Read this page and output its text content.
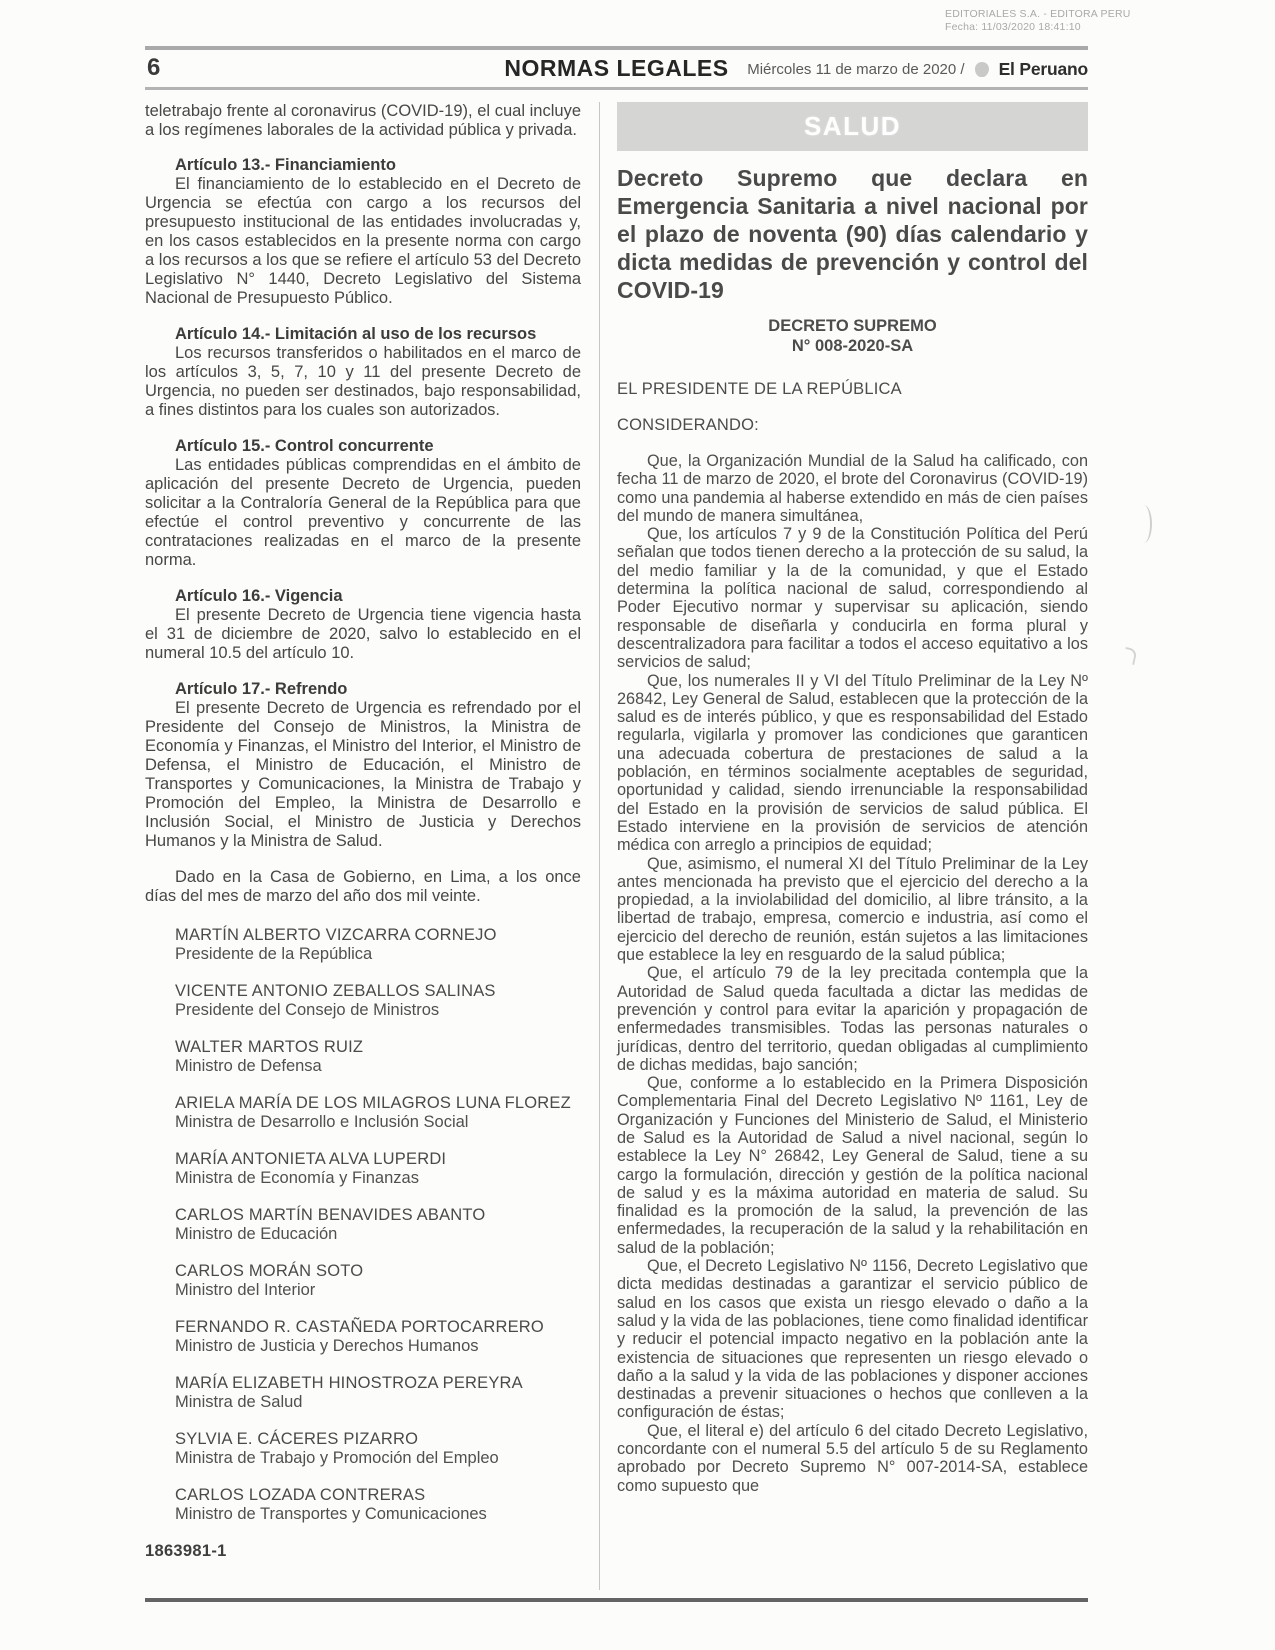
EDITORIALES S.A. - EDITORA PERU
Fecha: 11/03/2020 18:41:10
6	NORMAS LEGALES	Miércoles 11 de marzo de 2020 / El Peruano

teletrabajo frente al coronavirus (COVID-19), el cual incluye a los regímenes laborales de la actividad pública y privada.

Artículo 13.- Financiamiento

El financiamiento de lo establecido en el Decreto de Urgencia se efectúa con cargo a los recursos del presupuesto institucional de las entidades involucradas y, en los casos establecidos en la presente norma con cargo a los recursos a los que se refiere el artículo 53 del Decreto Legislativo N° 1440, Decreto Legislativo del Sistema Nacional de Presupuesto Público.

Artículo 14.- Limitación al uso de los recursos

Los recursos transferidos o habilitados en el marco de los artículos 3, 5, 7, 10 y 11 del presente Decreto de Urgencia, no pueden ser destinados, bajo responsabilidad, a fines distintos para los cuales son autorizados.

Artículo 15.- Control concurrente

Las entidades públicas comprendidas en el ámbito de aplicación del presente Decreto de Urgencia, pueden solicitar a la Contraloría General de la República para que efectúe el control preventivo y concurrente de las contrataciones realizadas en el marco de la presente norma.

Artículo 16.- Vigencia

El presente Decreto de Urgencia tiene vigencia hasta el 31 de diciembre de 2020, salvo lo establecido en el numeral 10.5 del artículo 10.

Artículo 17.- Refrendo

El presente Decreto de Urgencia es refrendado por el Presidente del Consejo de Ministros, la Ministra de Economía y Finanzas, el Ministro del Interior, el Ministro de Defensa, el Ministro de Educación, el Ministro de Transportes y Comunicaciones, la Ministra de Trabajo y Promoción del Empleo, la Ministra de Desarrollo e Inclusión Social, el Ministro de Justicia y Derechos Humanos y la Ministra de Salud.

Dado en la Casa de Gobierno, en Lima, a los once días del mes de marzo del año dos mil veinte.

MARTÍN ALBERTO VIZCARRA CORNEJO
Presidente de la República
VICENTE ANTONIO ZEBALLOS SALINAS
Presidente del Consejo de Ministros
WALTER MARTOS RUIZ
Ministro de Defensa
ARIELA MARÍA DE LOS MILAGROS LUNA FLOREZ
Ministra de Desarrollo e Inclusión Social
MARÍA ANTONIETA ALVA LUPERDI
Ministra de Economía y Finanzas
CARLOS MARTÍN BENAVIDES ABANTO
Ministro de Educación
CARLOS MORÁN SOTO
Ministro del Interior
FERNANDO R. CASTAÑEDA PORTOCARRERO
Ministro de Justicia y Derechos Humanos
MARÍA ELIZABETH HINOSTROZA PEREYRA
Ministra de Salud
SYLVIA E. CÁCERES PIZARRO
Ministra de Trabajo y Promoción del Empleo
CARLOS LOZADA CONTRERAS
Ministro de Transportes y Comunicaciones

1863981-1

SALUD
Decreto Supremo que declara en Emergencia Sanitaria a nivel nacional por el plazo de noventa (90) días calendario y dicta medidas de prevención y control del COVID-19
DECRETO SUPREMO
N° 008-2020-SA

EL PRESIDENTE DE LA REPÚBLICA

CONSIDERANDO:

Que, la Organización Mundial de la Salud ha calificado, con fecha 11 de marzo de 2020, el brote del Coronavirus (COVID-19) como una pandemia al haberse extendido en más de cien países del mundo de manera simultánea,

Que, los artículos 7 y 9 de la Constitución Política del Perú señalan que todos tienen derecho a la protección de su salud, la del medio familiar y la de la comunidad, y que el Estado determina la política nacional de salud, correspondiendo al Poder Ejecutivo normar y supervisar su aplicación, siendo responsable de diseñarla y conducirla en forma plural y descentralizadora para facilitar a todos el acceso equitativo a los servicios de salud;

Que, los numerales II y VI del Título Preliminar de la Ley Nº 26842, Ley General de Salud, establecen que la protección de la salud es de interés público, y que es responsabilidad del Estado regularla, vigilarla y promover las condiciones que garanticen una adecuada cobertura de prestaciones de salud a la población, en términos socialmente aceptables de seguridad, oportunidad y calidad, siendo irrenunciable la responsabilidad del Estado en la provisión de servicios de salud pública. El Estado interviene en la provisión de servicios de atención médica con arreglo a principios de equidad;

Que, asimismo, el numeral XI del Título Preliminar de la Ley antes mencionada ha previsto que el ejercicio del derecho a la propiedad, a la inviolabilidad del domicilio, al libre tránsito, a la libertad de trabajo, empresa, comercio e industria, así como el ejercicio del derecho de reunión, están sujetos a las limitaciones que establece la ley en resguardo de la salud pública;

Que, el artículo 79 de la ley precitada contempla que la Autoridad de Salud queda facultada a dictar las medidas de prevención y control para evitar la aparición y propagación de enfermedades transmisibles. Todas las personas naturales o jurídicas, dentro del territorio, quedan obligadas al cumplimiento de dichas medidas, bajo sanción;

Que, conforme a lo establecido en la Primera Disposición Complementaria Final del Decreto Legislativo Nº 1161, Ley de Organización y Funciones del Ministerio de Salud, el Ministerio de Salud es la Autoridad de Salud a nivel nacional, según lo establece la Ley N° 26842, Ley General de Salud, tiene a su cargo la formulación, dirección y gestión de la política nacional de salud y es la máxima autoridad en materia de salud. Su finalidad es la promoción de la salud, la prevención de las enfermedades, la recuperación de la salud y la rehabilitación en salud de la población;

Que, el Decreto Legislativo Nº 1156, Decreto Legislativo que dicta medidas destinadas a garantizar el servicio público de salud en los casos que exista un riesgo elevado o daño a la salud y la vida de las poblaciones, tiene como finalidad identificar y reducir el potencial impacto negativo en la población ante la existencia de situaciones que representen un riesgo elevado o daño a la salud y la vida de las poblaciones y disponer acciones destinadas a prevenir situaciones o hechos que conlleven a la configuración de éstas;

Que, el literal e) del artículo 6 del citado Decreto Legislativo, concordante con el numeral 5.5 del artículo 5 de su Reglamento aprobado por Decreto Supremo N° 007-2014-SA, establece como supuesto que
